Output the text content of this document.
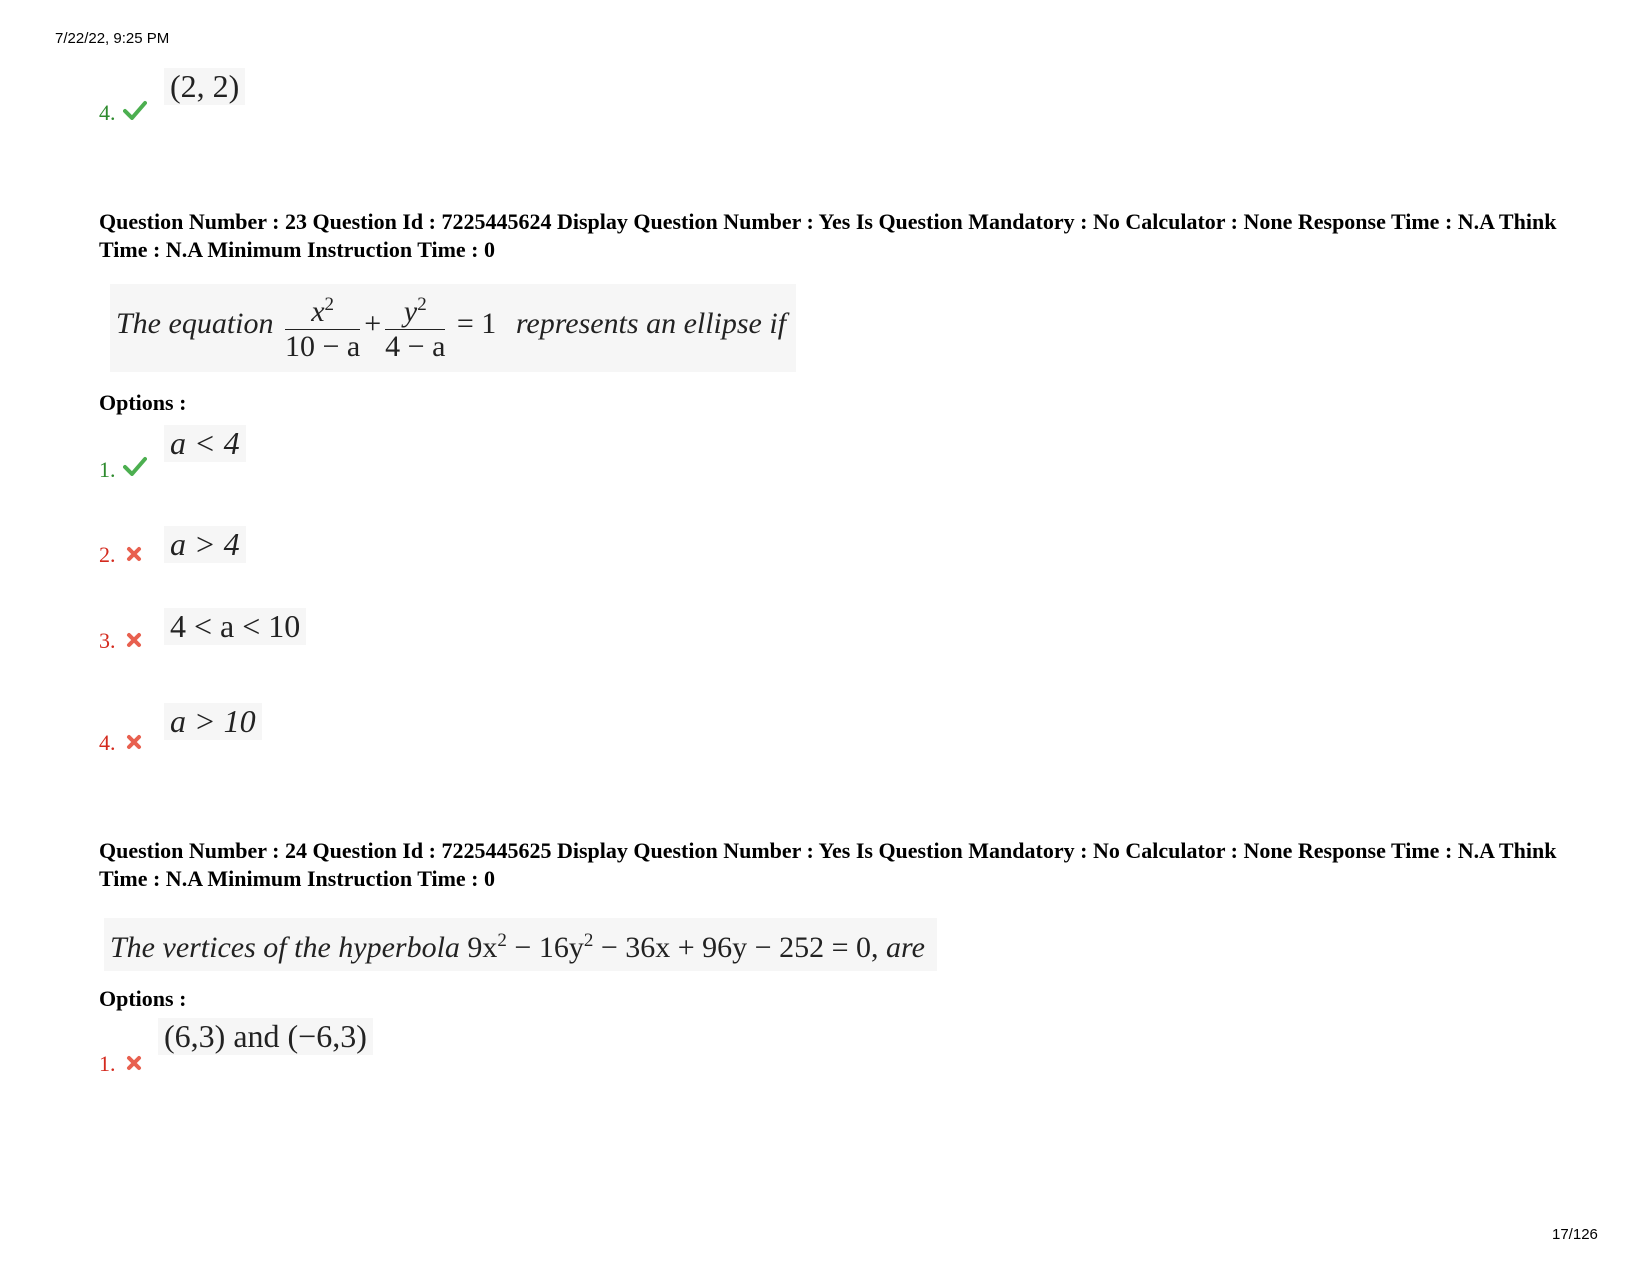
7/22/22, 9:25 PM
17/126
4.
(2, 2)
Question Number : 23 Question Id : 7225445624 Display Question Number : Yes Is Question Mandatory : No Calculator : None Response Time : N.A Think Time : N.A Minimum Instruction Time : 0
The equation $\frac{x^2}{10 - a} + \frac{y^2}{4 - a} = 1$ represents an ellipse if
Options :
1.
a < 4
2. a > 4
3. 4 < a < 10
4.
a > 10
Question Number : 24 Question Id : 7225445625 Display Question Number : Yes Is Question Mandatory : No Calculator : None Response Time : N.A Think Time : N.A Minimum Instruction Time : 0
The vertices of the hyperbola $9x^2 - 16y^2 - 36x + 96y - 252 = 0$, are
Options :
1.
(6,3) and (−6,3)
